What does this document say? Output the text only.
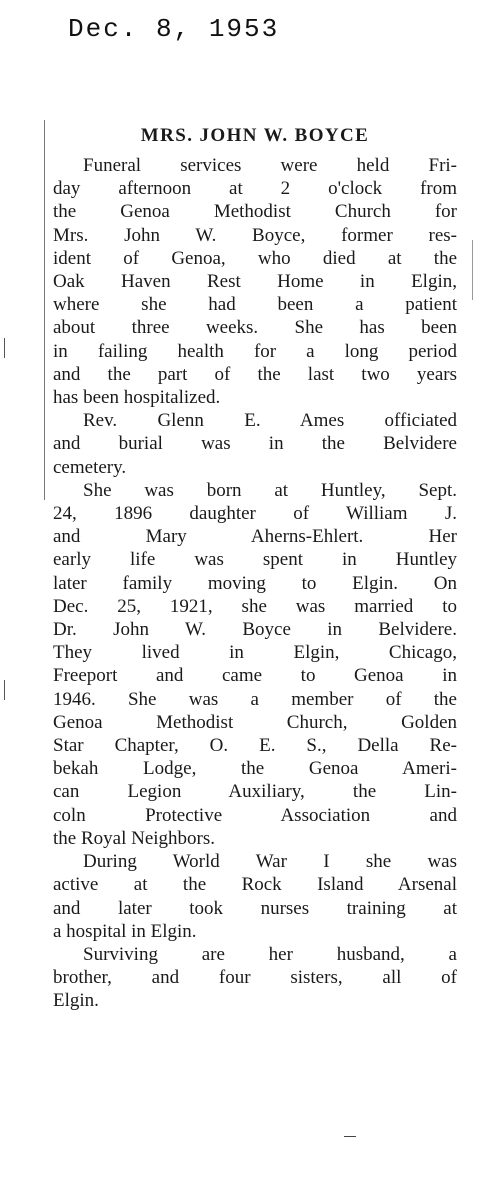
Dec. 8, 1953
MRS. JOHN W. BOYCE

Funeral services were held Fri-
day afternoon at 2 o'clock from
the Genoa Methodist Church for
Mrs. John W. Boyce, former res-
ident of Genoa, who died at the
Oak Haven Rest Home in Elgin,
where she had been a patient
about three weeks. She has been
in failing health for a long period
and the part of the last two years
has been hospitalized.

Rev. Glenn E. Ames officiated
and burial was in the Belvidere
cemetery.

She was born at Huntley, Sept.
24, 1896 daughter of William J.
and Mary Aherns-Ehlert. Her
early life was spent in Huntley
later family moving to Elgin. On
Dec. 25, 1921, she was married to
Dr. John W. Boyce in Belvidere.
They lived in Elgin, Chicago,
Freeport and came to Genoa in
1946. She was a member of the
Genoa Methodist Church, Golden
Star Chapter, O. E. S., Della Re-
bekah Lodge, the Genoa Ameri-
can Legion Auxiliary, the Lin-
coln Protective Association and
the Royal Neighbors.

During World War I she was
active at the Rock Island Arsenal
and later took nurses training at
a hospital in Elgin.

Surviving are her husband, a
brother, and four sisters, all of
Elgin.
